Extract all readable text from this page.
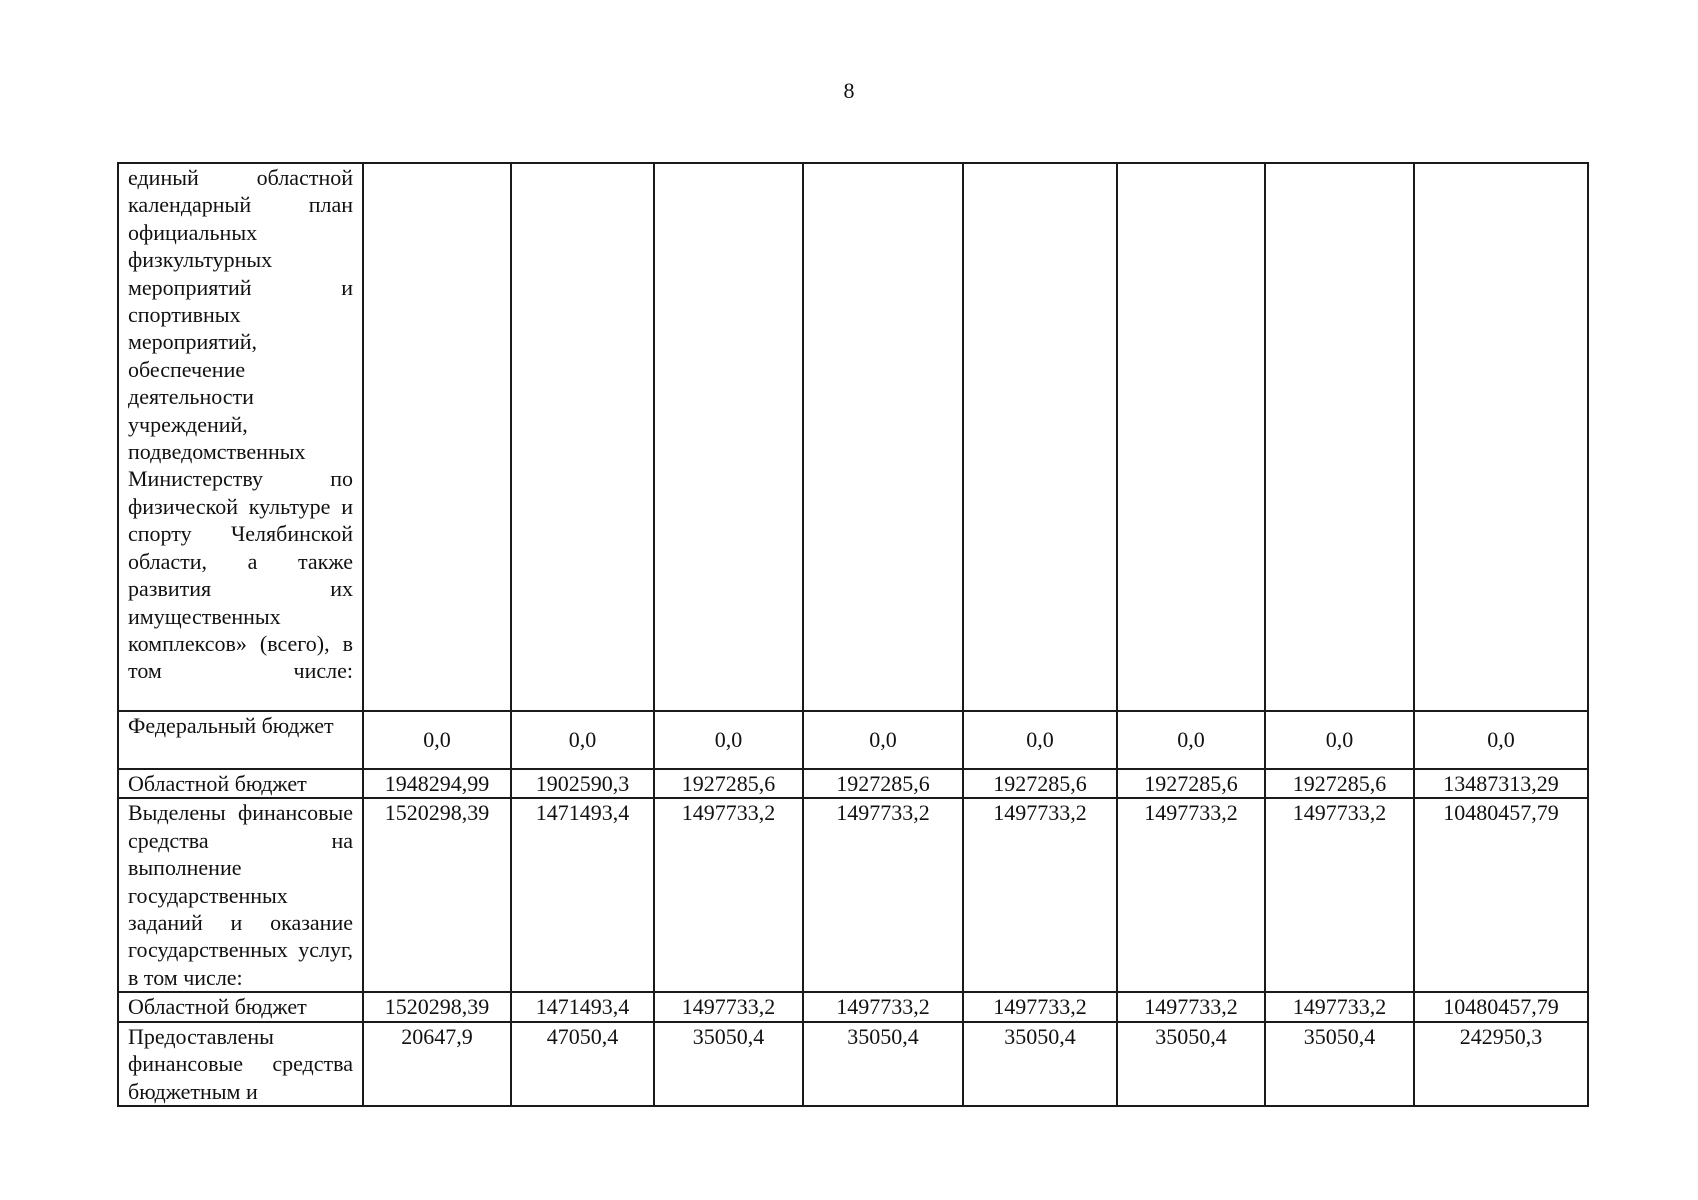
8
единый областной календарный план официальных физкультурных мероприятий и спортивных мероприятий, обеспечение деятельности учреждений, подведомственных Министерству по физической культуре и спорту Челябинской области, а также развития их имущественных комплексов» (всего), в том числе:								
Федеральный бюджет	0,0	0,0	0,0	0,0	0,0	0,0	0,0	0,0
Областной бюджет	1948294,99	1902590,3	1927285,6	1927285,6	1927285,6	1927285,6	1927285,6	13487313,29
Выделены финансовые средства на выполнение государственных заданий и оказание государственных услуг, в том числе:	1520298,39	1471493,4	1497733,2	1497733,2	1497733,2	1497733,2	1497733,2	10480457,79
Областной бюджет	1520298,39	1471493,4	1497733,2	1497733,2	1497733,2	1497733,2	1497733,2	10480457,79
Предоставлены финансовые средства бюджетным и	20647,9	47050,4	35050,4	35050,4	35050,4	35050,4	35050,4	242950,3
